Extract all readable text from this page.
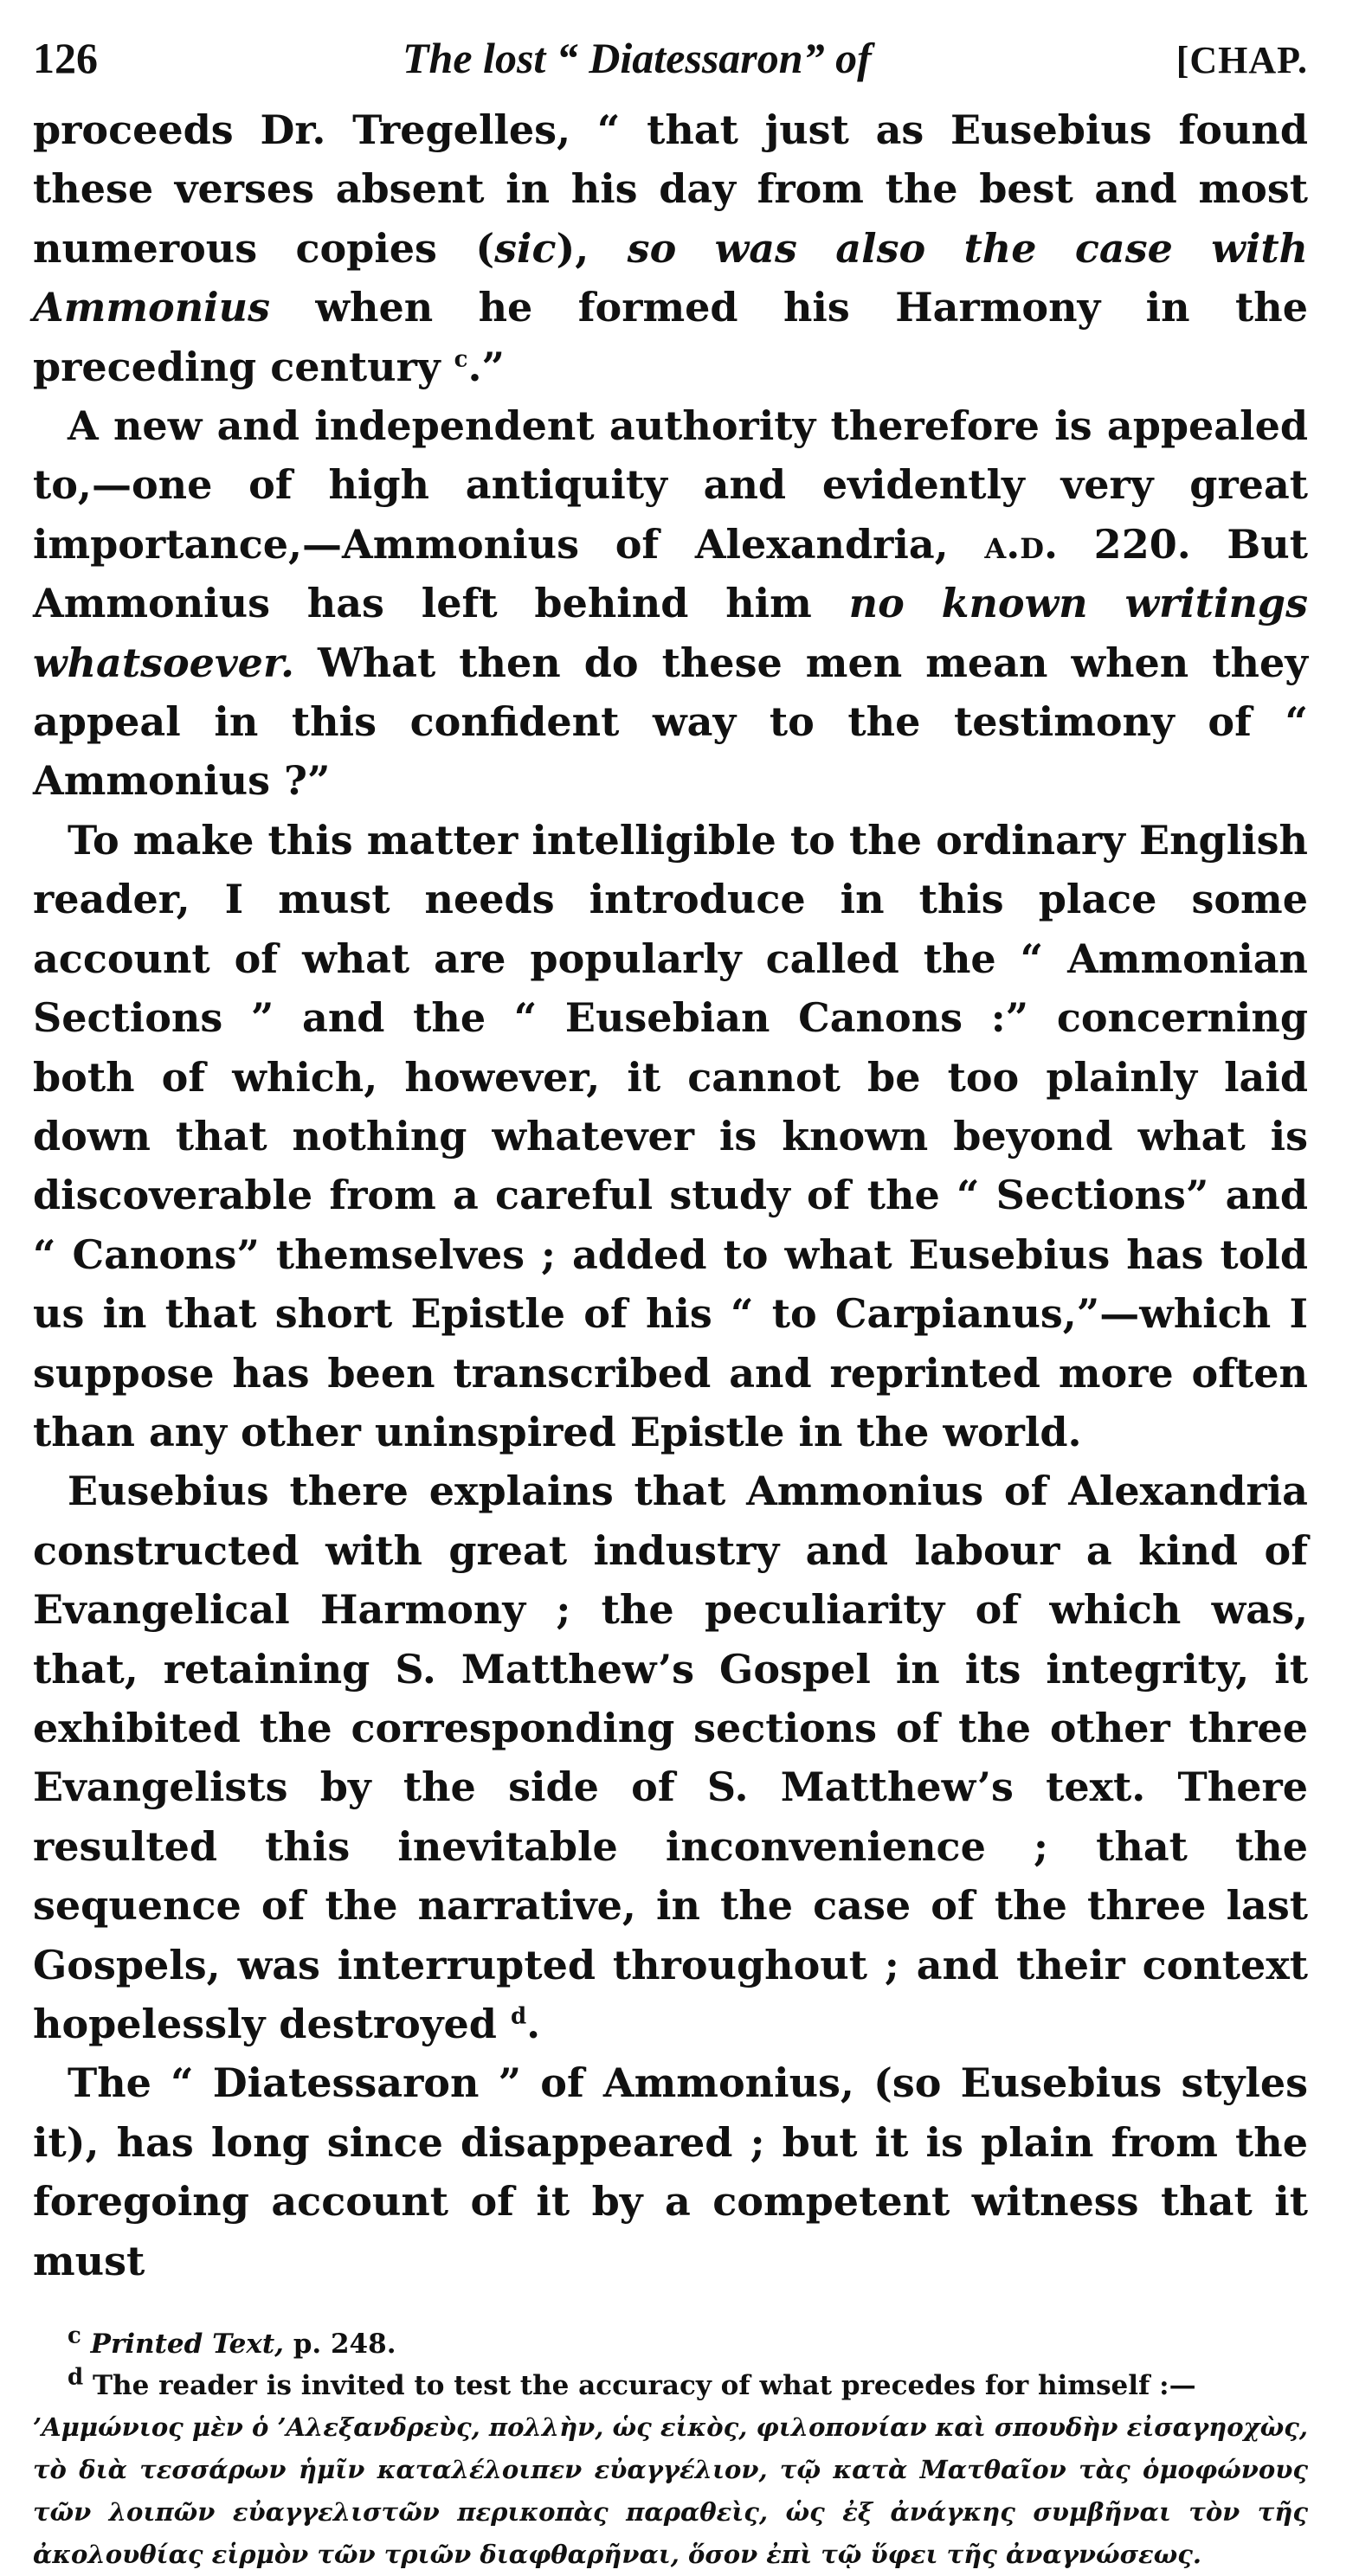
126	The lost “ Diatessaron” of	[CHAP.

proceeds Dr. Tregelles, “ that just as Eusebius found these verses absent in his day from the best and most numerous copies (sic), so was also the case with Ammonius when he formed his Harmony in the preceding century $^c$.”

A new and independent authority therefore is appealed to,—one of high antiquity and evidently very great importance,—Ammonius of Alexandria, a.d. 220. But Ammonius has left behind him no known writings whatsoever. What then do these men mean when they appeal in this confident way to the testimony of “ Ammonius ?”

To make this matter intelligible to the ordinary English reader, I must needs introduce in this place some account of what are popularly called the “ Ammonian Sections ” and the “ Eusebian Canons :” concerning both of which, however, it cannot be too plainly laid down that nothing whatever is known beyond what is discoverable from a careful study of the “ Sections” and “ Canons” themselves ; added to what Eusebius has told us in that short Epistle of his “ to Carpianus,”—which I suppose has been transcribed and reprinted more often than any other uninspired Epistle in the world.

Eusebius there explains that Ammonius of Alexandria constructed with great industry and labour a kind of Evangelical Harmony ; the peculiarity of which was, that, retaining S. Matthew’s Gospel in its integrity, it exhibited the corresponding sections of the other three Evangelists by the side of S. Matthew’s text. There resulted this inevitable inconvenience ; that the sequence of the narrative, in the case of the three last Gospels, was interrupted throughout ; and their context hopelessly destroyed $^d$.

The “ Diatessaron ” of Ammonius, (so Eusebius styles it), has long since disappeared ; but it is plain from the foregoing account of it by a competent witness that it must

$^c$ Printed Text, p. 248.

$^d$ The reader is invited to test the accuracy of what precedes for himself :—

’Αμμώνιος μὲν ὁ ’Αλεξανδρεὺς, πολλὴν, ὡς εἰκὸς, φιλοπονίαν καὶ σπουδὴν εἰσαγηοχὼς, τὸ διὰ τεσσάρων ἡμῖν καταλέλοιπεν εὐαγγέλιον, τῷ κατὰ Ματθαῖον τὰς ὁμοφώνους τῶν λοιπῶν εὐαγγελιστῶν περικοπὰς παραθεὶς, ὡς ἐξ ἀνάγκης συμβῆναι τὸν τῆς ἀκολουθίας εἱρμὸν τῶν τριῶν διαφθαρῆναι, ὅσον ἐπὶ τῷ ὕφει τῆς ἀναγνώσεως.
